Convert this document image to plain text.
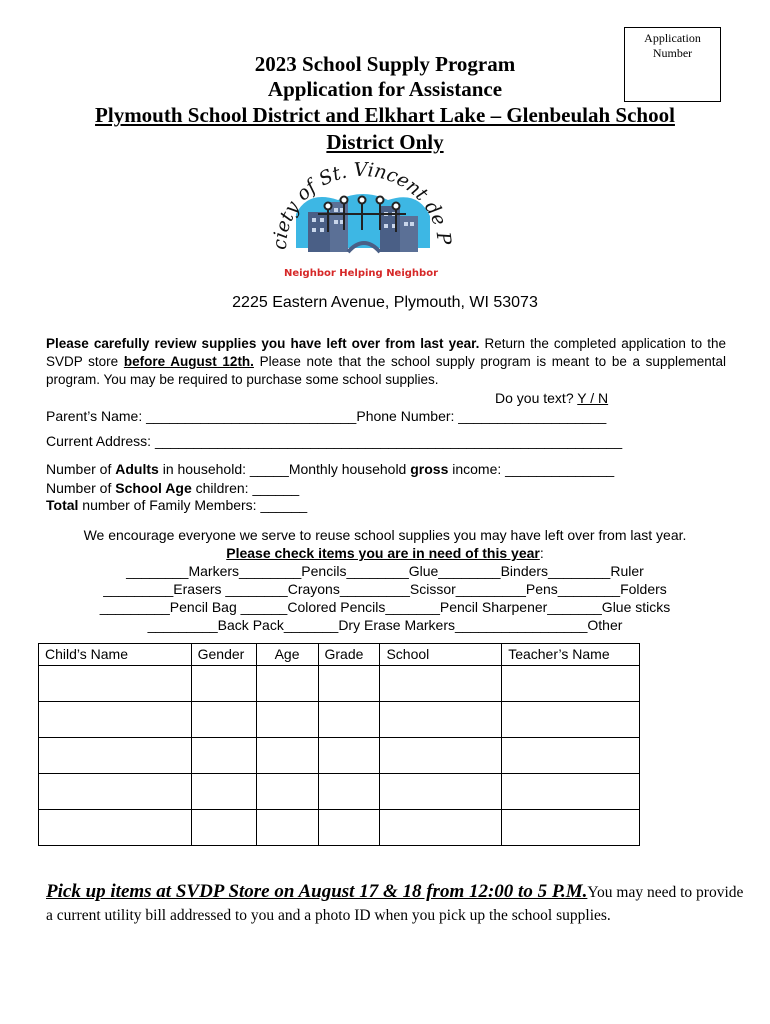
Application
Number
2023 School Supply Program
Application for Assistance
Plymouth School District and Elkhart Lake – Glenbeulah School
District Only
ciety of St. Vincent de P
Neighbor Helping Neighbor
2225 Eastern Avenue, Plymouth, WI 53073
Please carefully review supplies you have left over from last year. Return the completed application to the SVDP store before August 12th. Please note that the school supply program is meant to be a supplemental program. You may be required to purchase some school supplies.
Do you text? Y / N
Parent’s Name: ___________________________Phone Number: ___________________
Current Address: ____________________________________________________________
Number of Adults in household: _____Monthly household gross income: ______________
Number of School Age children: ______
Total number of Family Members: ______
We encourage everyone we serve to reuse school supplies you may have left over from last year.
Please check items you are in need of this year:
________Markers________Pencils________Glue________Binders________Ruler
_________Erasers ________Crayons_________Scissor_________Pens________Folders
_________Pencil Bag ______Colored Pencils_______Pencil Sharpener_______Glue sticks
_________Back Pack_______Dry Erase Markers_________________Other
Child’s Name	Gender	Age	Grade	School	Teacher’s Name

Pick up items at SVDP Store on August 17 & 18 from 12:00 to 5 P.M.You may need to provide a current utility bill addressed to you and a photo ID when you pick up the school supplies.
